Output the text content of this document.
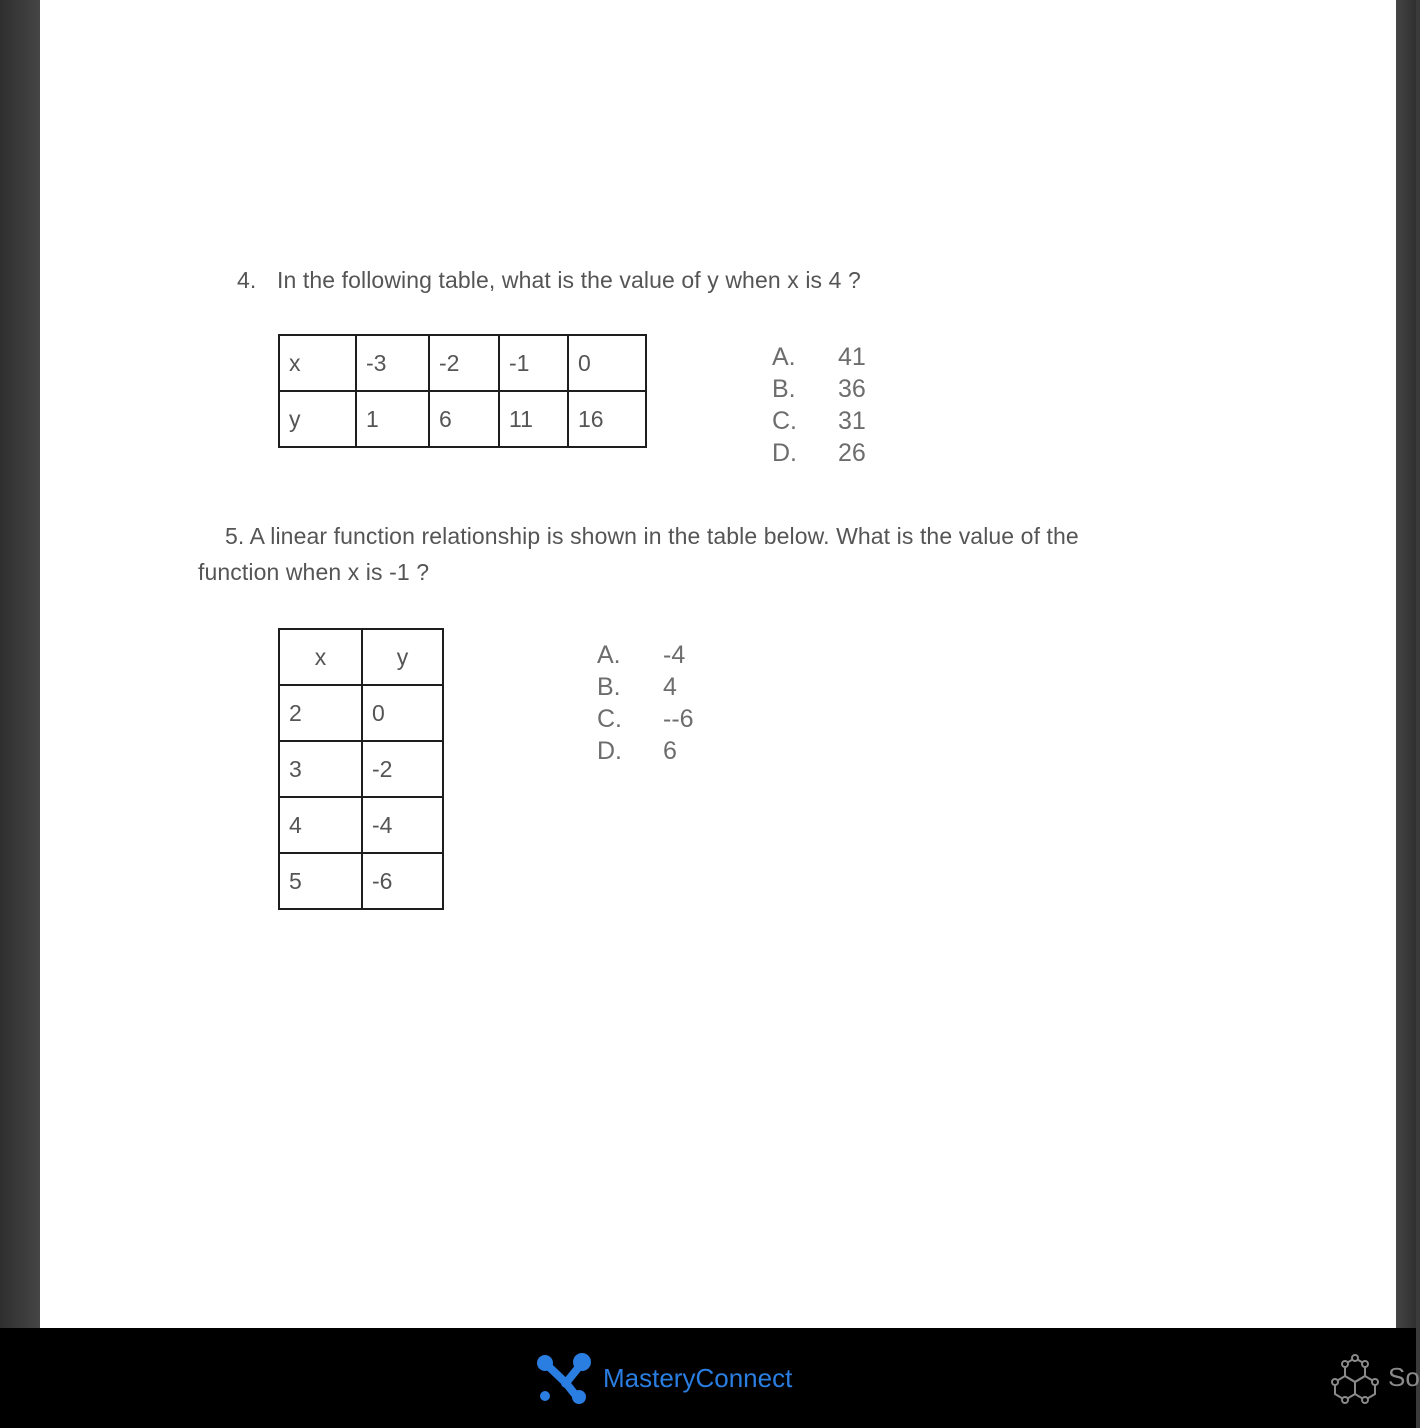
4. In the following table, what is the value of y when x is 4 ?
x	-3	-2	-1	0
y	1	6	11	16
A.	41
B.	36
C.	31
D.	26
5. A linear function relationship is shown in the table below. What is the value of the
function when x is -1 ?
x	y
2	0
3	-2
4	-4
5	-6
A.	-4
B.	4
C.	--6
D.	6
MasteryConnect	So
